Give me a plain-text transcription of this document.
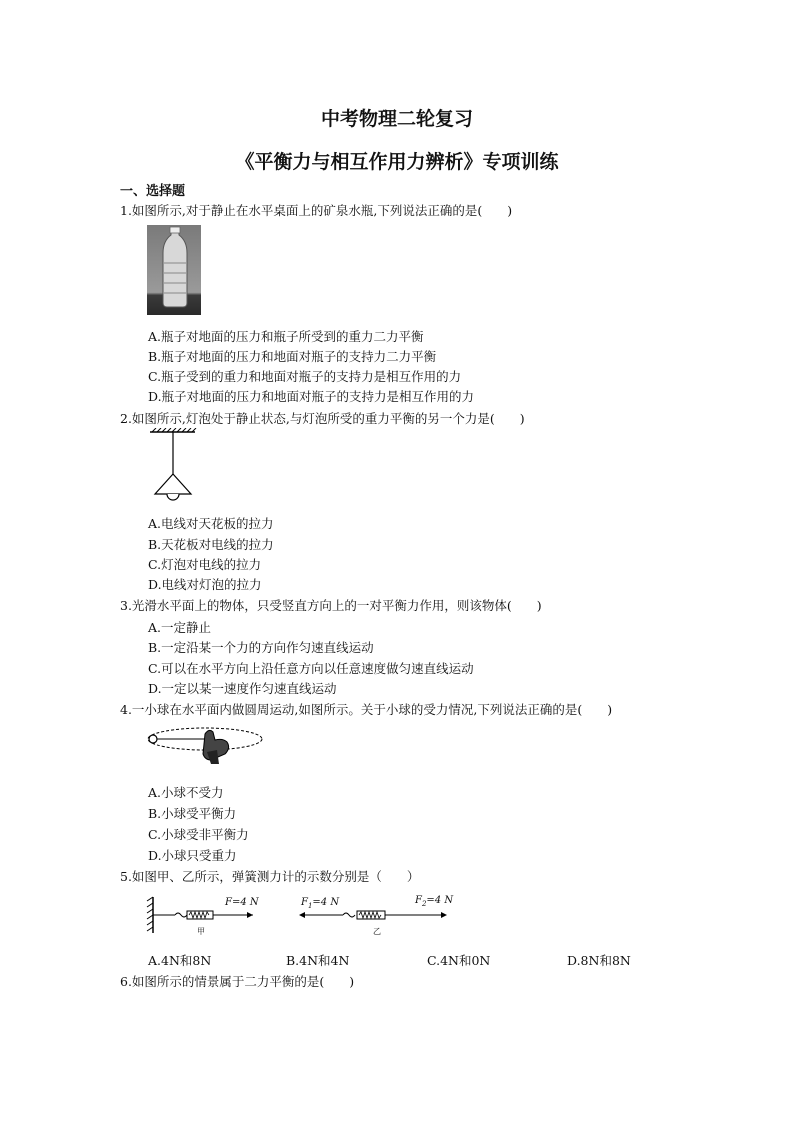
中考物理二轮复习
《平衡力与相互作用力辨析》专项训练
一、选择题
1.如图所示,对于静止在水平桌面上的矿泉水瓶,下列说法正确的是(　　)
A.瓶子对地面的压力和瓶子所受到的重力二力平衡
B.瓶子对地面的压力和地面对瓶子的支持力二力平衡
C.瓶子受到的重力和地面对瓶子的支持力是相互作用的力
D.瓶子对地面的压力和地面对瓶子的支持力是相互作用的力
2.如图所示,灯泡处于静止状态,与灯泡所受的重力平衡的另一个力是(　　)
A.电线对天花板的拉力
B.天花板对电线的拉力
C.灯泡对电线的拉力
D.电线对灯泡的拉力
3.光滑水平面上的物体，只受竖直方向上的一对平衡力作用，则该物体(　　)
A.一定静止
B.一定沿某一个力的方向作匀速直线运动
C.可以在水平方向上沿任意方向以任意速度做匀速直线运动
D.一定以某一速度作匀速直线运动
4.一小球在水平面内做圆周运动,如图所示。关于小球的受力情况,下列说法正确的是(　　)
A.小球不受力
B.小球受平衡力
C.小球受非平衡力
D.小球只受重力
5.如图甲、乙所示，弹簧测力计的示数分别是（　　）
F=4 N
甲
$F_1=4$ N	$F_2=4$ N
乙
A.4N和8N	B.4N和4N	C.4N和0N	D.8N和8N
6.如图所示的情景属于二力平衡的是(　　)
